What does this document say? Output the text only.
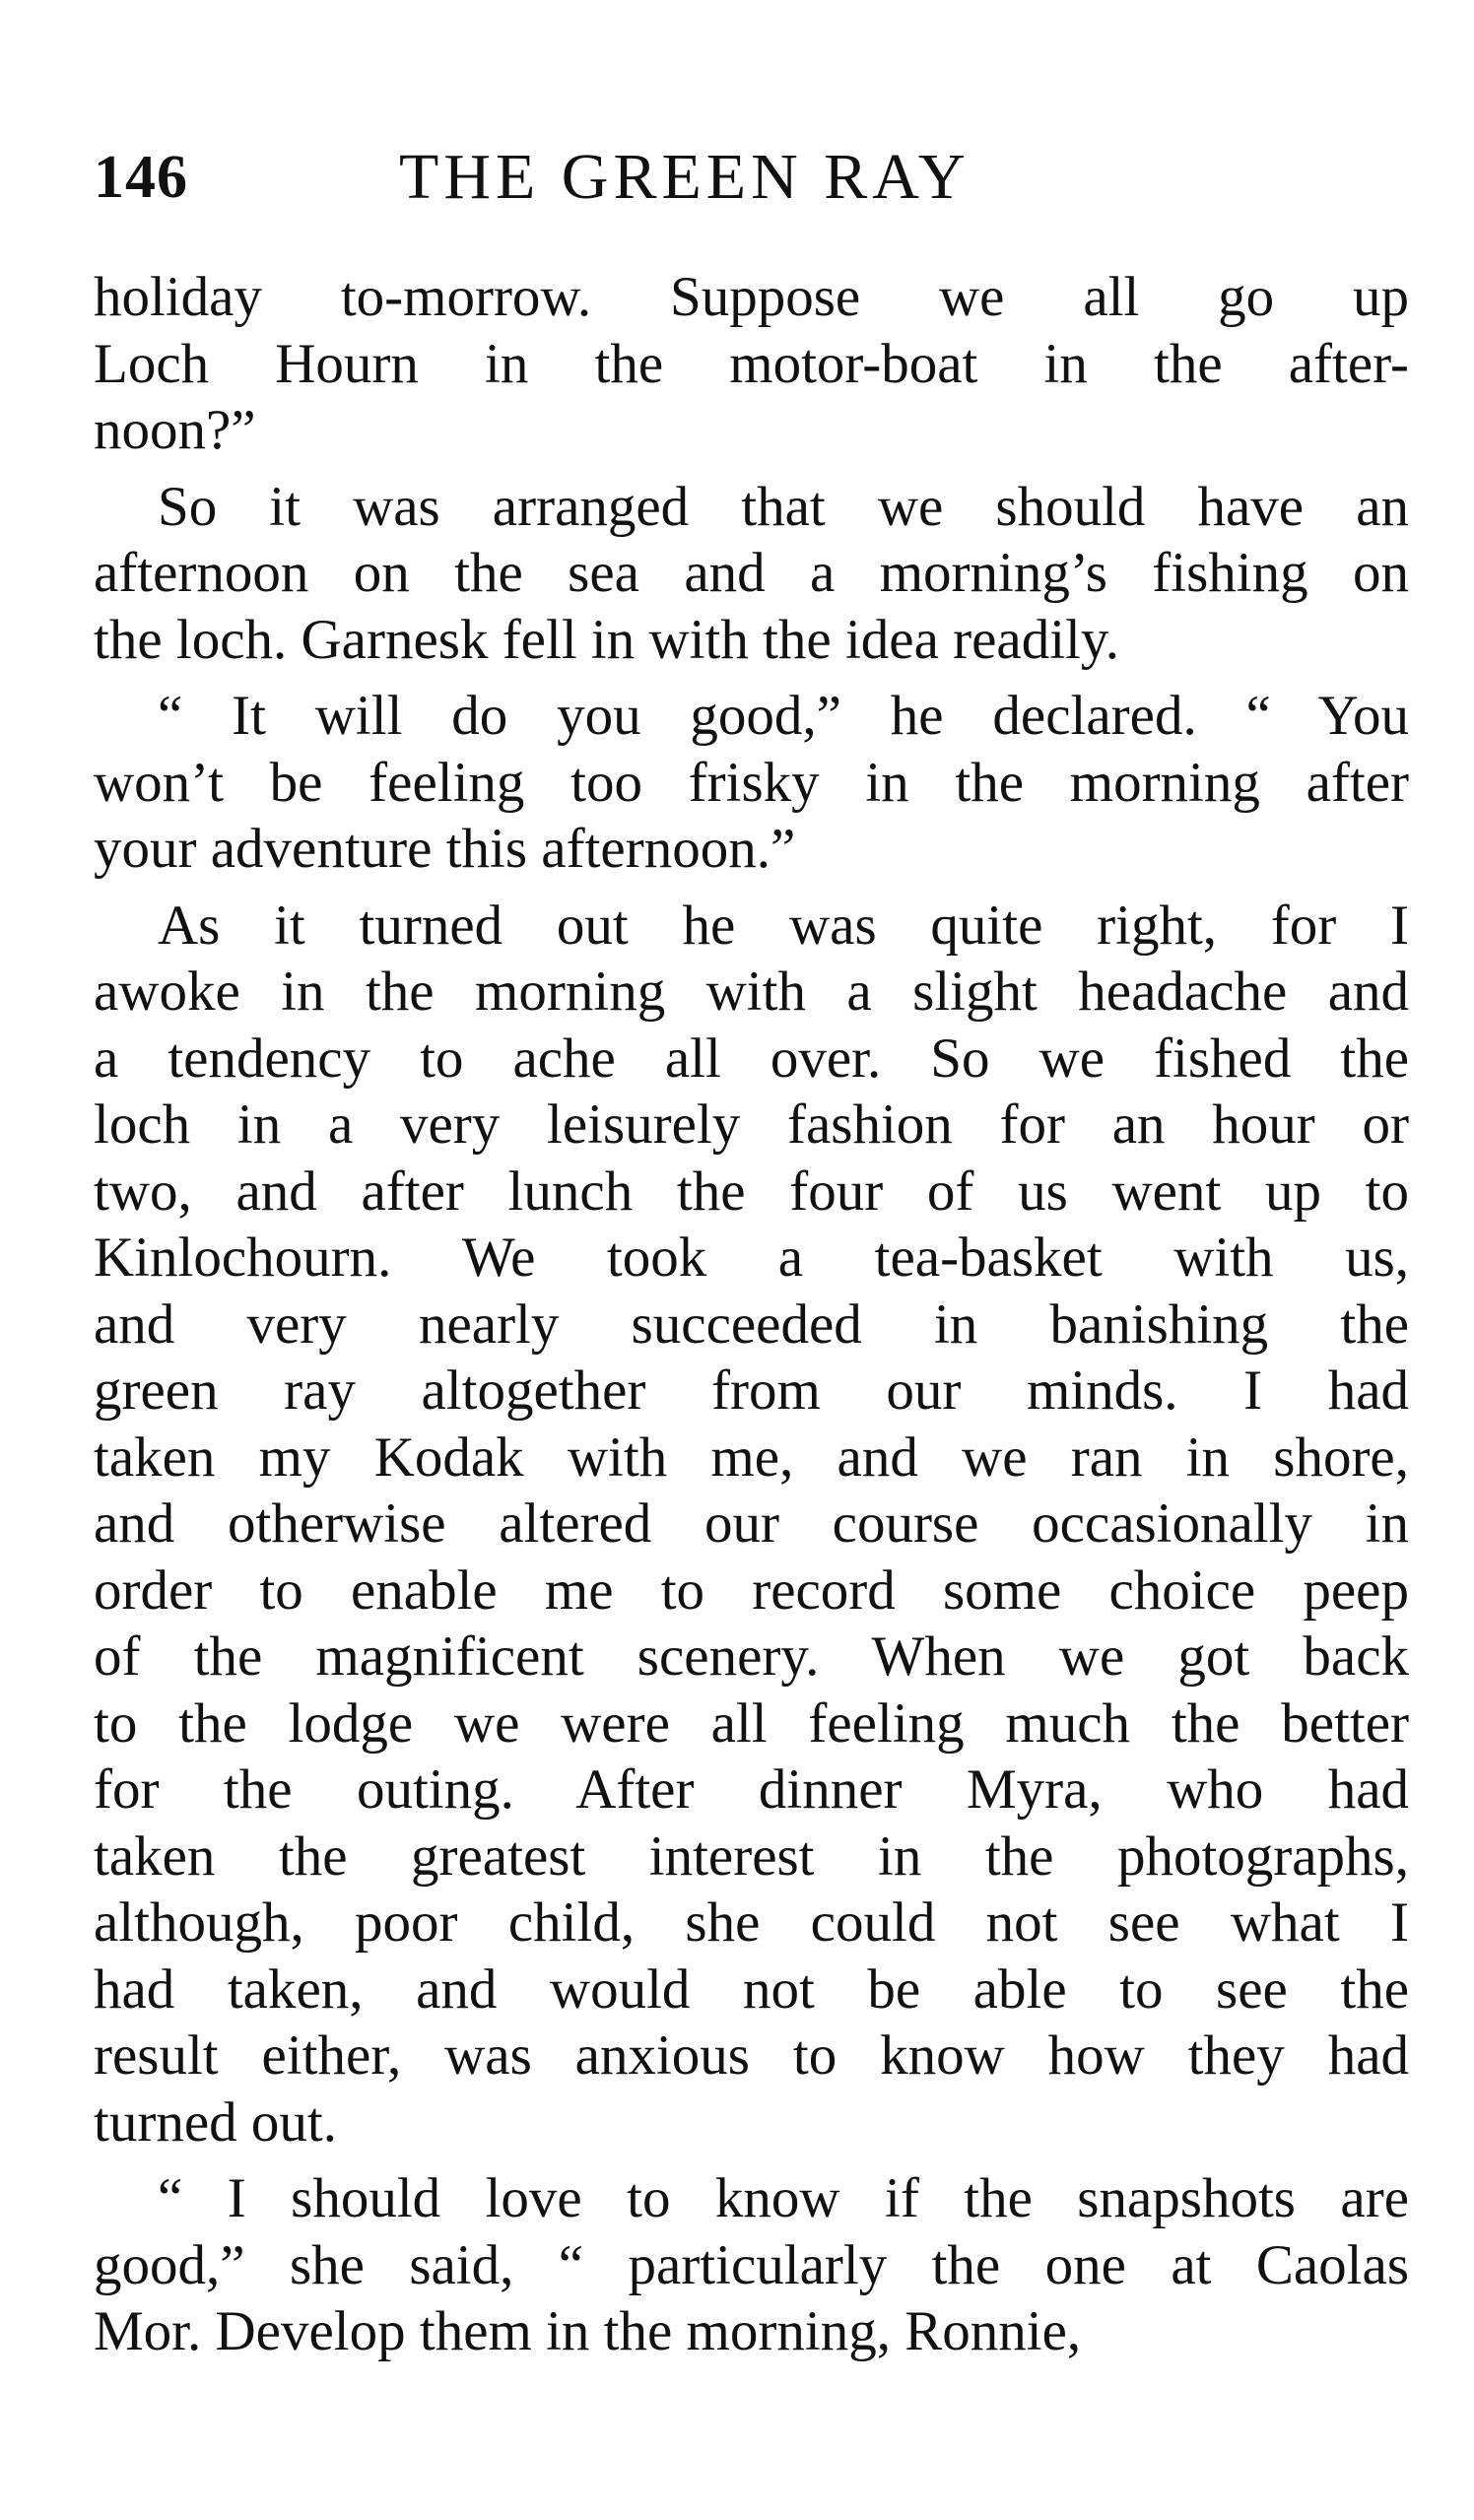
146	THE GREEN RAY
holiday to-morrow. Suppose we all go up
Loch Hourn in the motor-boat in the after-
noon?”
So it was arranged that we should have an
afternoon on the sea and a morning’s fishing on
the loch. Garnesk fell in with the idea readily.
“ It will do you good,” he declared. “ You
won’t be feeling too frisky in the morning after
your adventure this afternoon.”
As it turned out he was quite right, for I
awoke in the morning with a slight headache and
a tendency to ache all over. So we fished the
loch in a very leisurely fashion for an hour or
two, and after lunch the four of us went up to
Kinlochourn. We took a tea-basket with us,
and very nearly succeeded in banishing the
green ray altogether from our minds. I had
taken my Kodak with me, and we ran in shore,
and otherwise altered our course occasionally in
order to enable me to record some choice peep
of the magnificent scenery. When we got back
to the lodge we were all feeling much the better
for the outing. After dinner Myra, who had
taken the greatest interest in the photographs,
although, poor child, she could not see what I
had taken, and would not be able to see the
result either, was anxious to know how they had
turned out.
“ I should love to know if the snapshots are
good,” she said, “ particularly the one at Caolas
Mor. Develop them in the morning, Ronnie,
